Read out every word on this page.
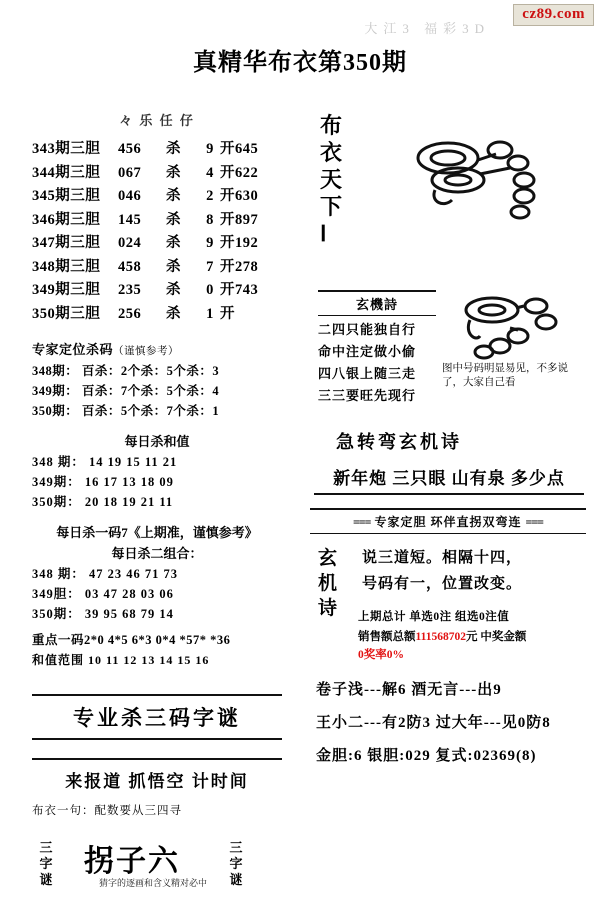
大江3 福彩3D
cz89.com
真精华布衣第350期
々 乐 任 仔
343期三胆	456	杀	9 开645
344期三胆	067	杀	4 开622
345期三胆	046	杀	2 开630
346期三胆	145	杀	8 开897
347期三胆	024	杀	9 开192
348期三胆	458	杀	7 开278
349期三胆	235	杀	0 开743
350期三胆	256	杀	1 开
专家定位杀码（谨慎参考）
348期： 百杀：2个杀：5个杀：3
349期： 百杀：7个杀：5个杀：4
350期： 百杀：5个杀：7个杀：1
每日杀和值
348 期： 14 19 15 11 21
349期： 16 17 13 18 09
350期： 20 18 19 21 11
每日杀一码7《上期准，谨慎参考》
每日杀二组合：
348 期： 47 23 46 71 73
349胆： 03 47 28 03 06
350期： 39 95 68 79 14
重点一码2*0 4*5 6*3 0*4 *57* *36
和值范围 10 11 12 13 14 15 16
专业杀三码字谜
来报道 抓悟空 计时间
布衣一句：配数要从三四寻
三字谜
拐子六	三字谜
猜字的逐画和含义精对必中
布衣天下Ⅰ
玄機詩
二四只能独自行
命中注定做小偷
四八银上随三走
三三要旺先现行
图中号码明显易见，不多说了，大家自己看
急转弯玄机诗
新年炮 三只眼 山有泉 多少点
=== 专家定胆 环伴直拐双弯连 ===
玄机诗
说三道短。相隔十四，
号码有一，位置改变。
上期总计 单选0注 组选0注值
销售额总额111568702元 中奖金额
0奖率0%
卷子浅---解6 酒无言---出9
王小二---有2防3 过大年---见0防8
金胆:6 银胆:029 复式:02369(8)
